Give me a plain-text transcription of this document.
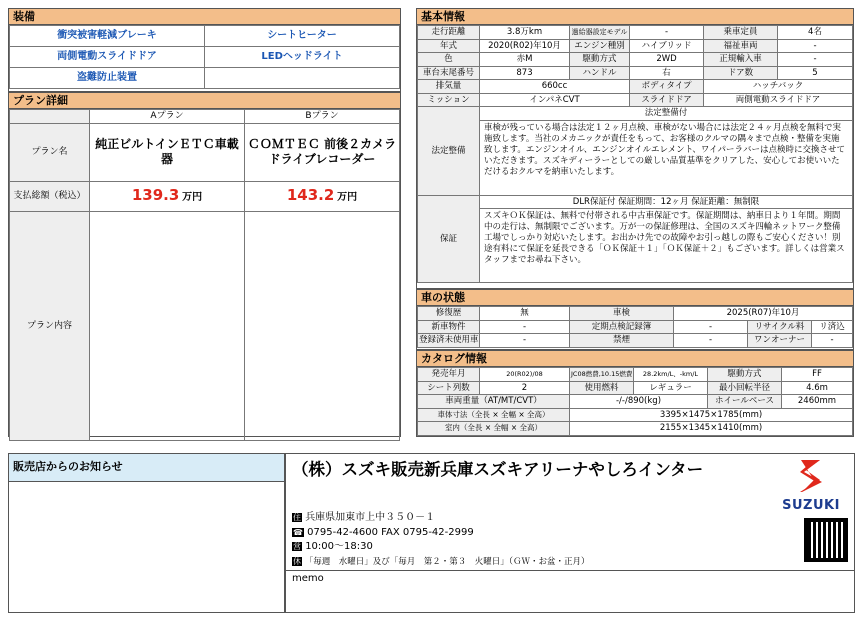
装備
衝突被害軽減ブレーキ	シートヒーター
両側電動スライドドア	LEDヘッドライト
盗難防止装置	
プラン詳細
	Aプラン	Bプラン
プラン名	純正ビルトインＥＴＣ車載器	ＣＯＭＴＥＣ 前後２カメラドライブレコーダー
支払総額（税込）	139.3 万円	143.2 万円
プラン内容		
基本情報
走行距離	3.8万km	過給器設定モデル	-	乗車定員	4名
年式	2020(R02)年10月	エンジン種別	ハイブリッド	福祉車両	-
色	赤M	駆動方式	2WD	正規輸入車	-
車台末尾番号	873	ハンドル	右	ドア数	5
排気量	660cc		ボディタイプ	ハッチバック	
ミッション	インパネCVT		スライドドア	両側電動スライドドア	
法定整備	法定整備付				
	車検が残っている場合は法定１２ヶ月点検、車検がない場合には法定２４ヶ月点検を無料で実施致します。当社のメカニックが責任をもって、お客様のクルマの隅々まで点検・整備を実施致します。エンジンオイル、エンジンオイルエレメント、ワイパーラバーは点検時に交換させていただきます。スズキディーラーとしての厳しい品質基準をクリアした、安心してお使いいただけるおクルマを納車いたします。				
保証	DLR保証付 保証期間：12ヶ月 保証距離：無制限				
	スズキＯＫ保証は、無料で付帯される中古車保証です。保証期間は、納車日より１年間。期間中の走行は、無制限でございます。万が一の保証修理は、全国のスズキ四輪ネットワーク整備工場でしっかり対応いたします。お出かけ先での故障やお引っ越しの際もご安心ください！別途有料にて保証を延長できる「ＯＫ保証＋１」「ＯＫ保証＋２」もございます。詳しくは営業スタッフまでお尋ね下さい。				
車の状態
修復歴	無	車検	2025(R07)年10月		
新車物件	-	定期点検記録簿	-	リサイクル料	リ済込
登録済未使用車	-	禁煙	-	ワンオーナー	-
カタログ情報
発売年月	20(R02)/08	JC08燃費,10.15燃費	28.2km/L、-km/L	駆動方式	FF
シート列数	2	使用燃料	レギュラー	最小回転半径	4.6m
車両重量（AT/MT/CVT）		-/-/890(kg)		ホイールベース	2460mm
車体寸法（全長 × 全幅 × 全高）		3395×1475×1785(mm)			
室内（全長 × 全幅 × 全高）		2155×1345×1410(mm)			
販売店からのお知らせ	（株）スズキ販売新兵庫スズキアリーナやしろインター
SUZUKI
住 兵庫県加東市上中３５０－１
☎ 0795-42-4600 FAX 0795-42-2999
営 10:00～18:30
休 「毎週　水曜日」及び「毎月　第２・第３　火曜日」（ＧＷ・お盆・正月）
memo
